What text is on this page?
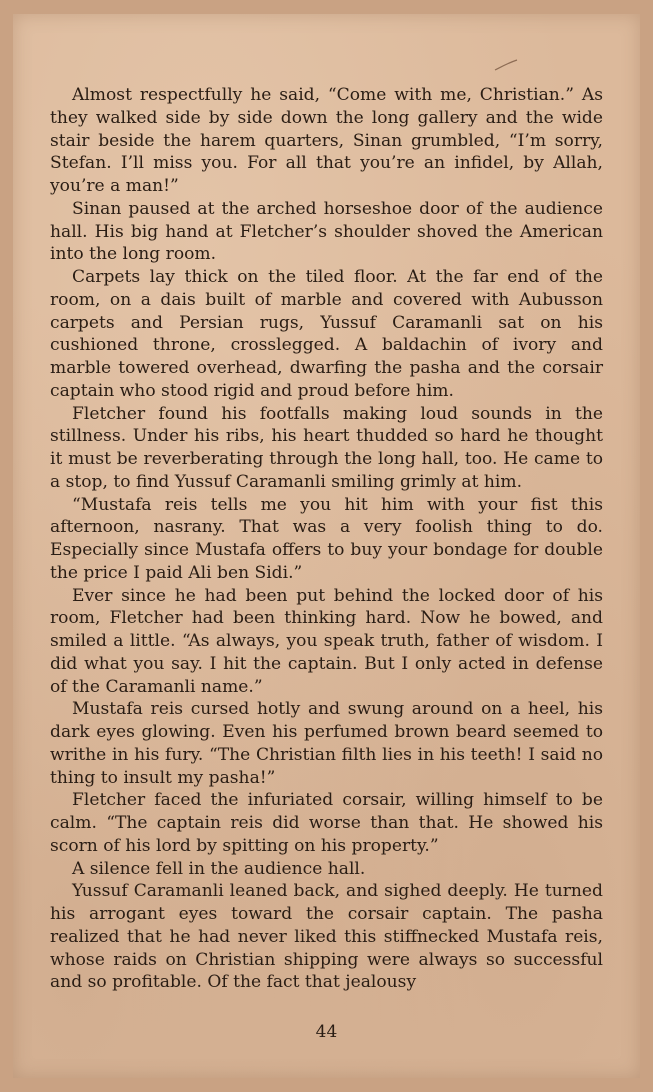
Almost respectfully he said, “Come with me, Christian.” As they walked side by side down the long gallery and the wide stair beside the harem quarters, Sinan grumbled, “I’m sorry, Stefan. I’ll miss you. For all that you’re an infidel, by Allah, you’re a man!”

Sinan paused at the arched horseshoe door of the audience hall. His big hand at Fletcher’s shoulder shoved the American into the long room.

Carpets lay thick on the tiled floor. At the far end of the room, on a dais built of marble and covered with Aubusson carpets and Persian rugs, Yussuf Caramanli sat on his cushioned throne, crosslegged. A baldachin of ivory and marble towered overhead, dwarfing the pasha and the corsair captain who stood rigid and proud before him.

Fletcher found his footfalls making loud sounds in the stillness. Under his ribs, his heart thudded so hard he thought it must be reverberating through the long hall, too. He came to a stop, to find Yussuf Caramanli smiling grimly at him.

“Mustafa reis tells me you hit him with your fist this afternoon, nasrany. That was a very foolish thing to do. Especially since Mustafa offers to buy your bondage for double the price I paid Ali ben Sidi.”

Ever since he had been put behind the locked door of his room, Fletcher had been thinking hard. Now he bowed, and smiled a little. “As always, you speak truth, father of wisdom. I did what you say. I hit the captain. But I only acted in defense of the Caramanli name.”

Mustafa reis cursed hotly and swung around on a heel, his dark eyes glowing. Even his perfumed brown beard seemed to writhe in his fury. “The Christian filth lies in his teeth! I said no thing to insult my pasha!”

Fletcher faced the infuriated corsair, willing himself to be calm. “The captain reis did worse than that. He showed his scorn of his lord by spitting on his property.”

A silence fell in the audience hall.

Yussuf Caramanli leaned back, and sighed deeply. He turned his arrogant eyes toward the corsair captain. The pasha realized that he had never liked this stiffnecked Mustafa reis, whose raids on Christian shipping were always so successful and so profitable. Of the fact that jealousy

44
